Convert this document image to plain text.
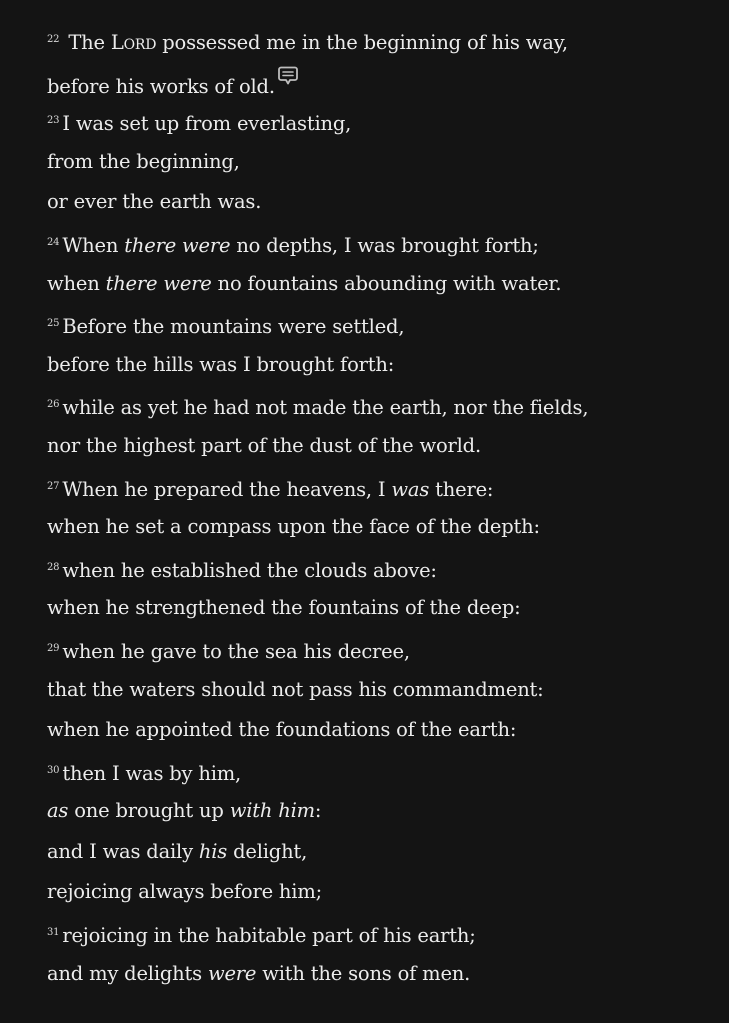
$^{22}$ The Lord possessed me in the beginning of his way,
before his works of old.
$^{23}$ I was set up from everlasting,
from the beginning,
or ever the earth was.
$^{24}$ When there were no depths, I was brought forth;
when there were no fountains abounding with water.
$^{25}$ Before the mountains were settled,
before the hills was I brought forth:
$^{26}$ while as yet he had not made the earth, nor the fields,
nor the highest part of the dust of the world.
$^{27}$ When he prepared the heavens, I was there:
when he set a compass upon the face of the depth:
$^{28}$ when he established the clouds above:
when he strengthened the fountains of the deep:
$^{29}$ when he gave to the sea his decree,
that the waters should not pass his commandment:
when he appointed the foundations of the earth:
$^{30}$ then I was by him,
as one brought up with him:
and I was daily his delight,
rejoicing always before him;
$^{31}$ rejoicing in the habitable part of his earth;
and my delights were with the sons of men.
